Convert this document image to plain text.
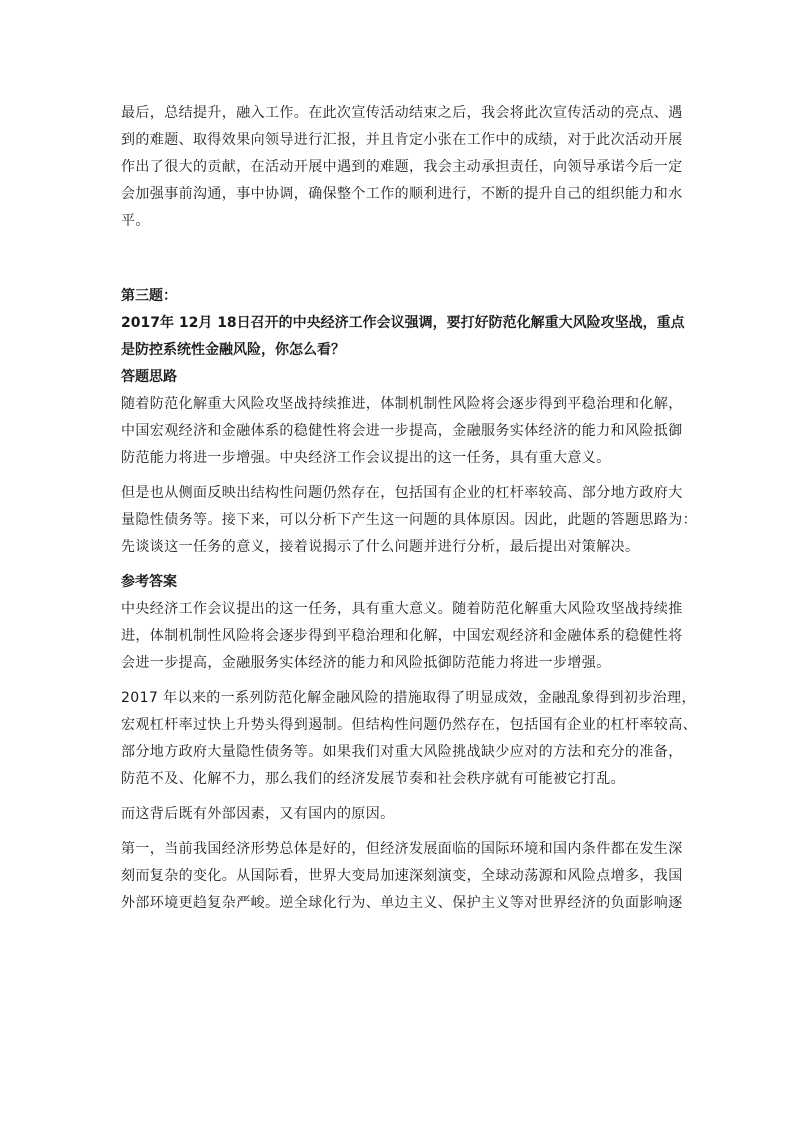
最后，总结提升，融入工作。在此次宣传活动结束之后，我会将此次宣传活动的亮点、遇
到的难题、取得效果向领导进行汇报，并且肯定小张在工作中的成绩，对于此次活动开展
作出了很大的贡献，在活动开展中遇到的难题，我会主动承担责任，向领导承诺今后一定
会加强事前沟通，事中协调，确保整个工作的顺利进行，不断的提升自己的组织能力和水
平。

第三题：

2017年 12月 18日召开的中央经济工作会议强调，要打好防范化解重大风险攻坚战，重点
是防控系统性金融风险，你怎么看？

答题思路

随着防范化解重大风险攻坚战持续推进，体制机制性风险将会逐步得到平稳治理和化解，
中国宏观经济和金融体系的稳健性将会进一步提高，金融服务实体经济的能力和风险抵御
防范能力将进一步增强。中央经济工作会议提出的这一任务，具有重大意义。

但是也从侧面反映出结构性问题仍然存在，包括国有企业的杠杆率较高、部分地方政府大
量隐性债务等。接下来，可以分析下产生这一问题的具体原因。因此，此题的答题思路为：
先谈谈这一任务的意义，接着说揭示了什么问题并进行分析，最后提出对策解决。

参考答案

中央经济工作会议提出的这一任务，具有重大意义。随着防范化解重大风险攻坚战持续推
进，体制机制性风险将会逐步得到平稳治理和化解，中国宏观经济和金融体系的稳健性将
会进一步提高，金融服务实体经济的能力和风险抵御防范能力将进一步增强。

2017 年以来的一系列防范化解金融风险的措施取得了明显成效，金融乱象得到初步治理，
宏观杠杆率过快上升势头得到遏制。但结构性问题仍然存在，包括国有企业的杠杆率较高、
部分地方政府大量隐性债务等。如果我们对重大风险挑战缺少应对的方法和充分的准备，
防范不及、化解不力，那么我们的经济发展节奏和社会秩序就有可能被它打乱。

而这背后既有外部因素，又有国内的原因。

第一，当前我国经济形势总体是好的，但经济发展面临的国际环境和国内条件都在发生深
刻而复杂的变化。从国际看，世界大变局加速深刻演变，全球动荡源和风险点增多，我国
外部环境更趋复杂严峻。逆全球化行为、单边主义、保护主义等对世界经济的负面影响逐
